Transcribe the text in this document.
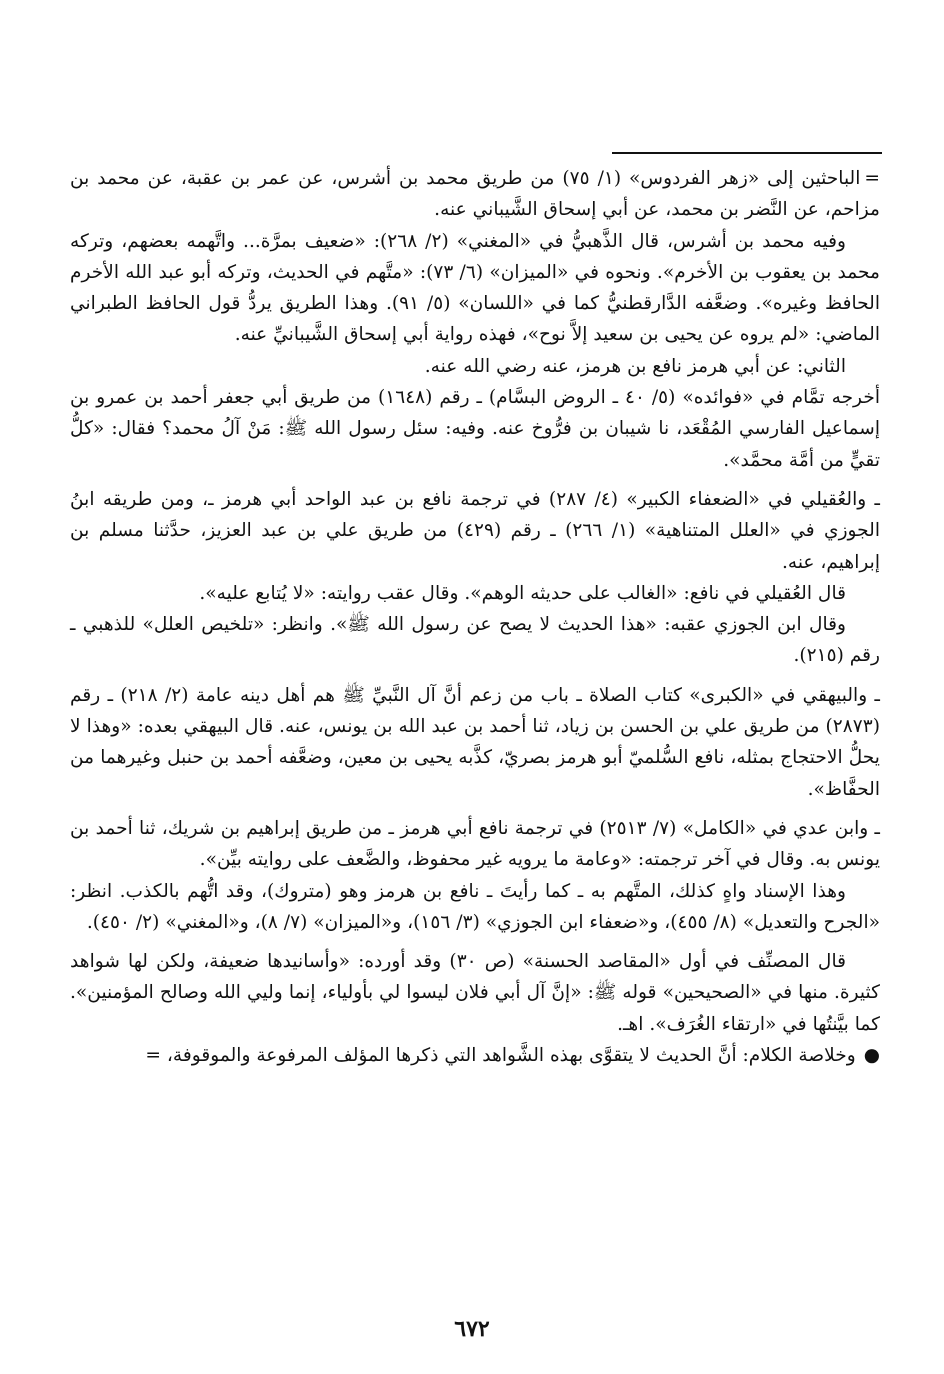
=الباحثين إلى «زهر الفردوس» (١/ ٧٥) من طريق محمد بن أشرس، عن عمر بن عقبة، عن محمد بن مزاحم، عن النَّضر بن محمد، عن أبي إسحاق الشَّيباني عنه.

وفيه محمد بن أشرس، قال الذَّهبيُّ في «المغني» (٢/ ٢٦٨): «ضعيف بمرَّة... واتَّهمه بعضهم، وتركه محمد بن يعقوب بن الأخرم». ونحوه في «الميزان» (٦/ ٧٣): «متَّهم في الحديث، وتركه أبو عبد الله الأخرم الحافظ وغيره». وضعَّفه الدَّارقطنيُّ كما في «اللسان» (٥/ ٩١). وهذا الطريق يردُّ قول الحافظ الطبراني الماضي: «لم يروه عن يحيى بن سعيد إلاَّ نوح»، فهذه رواية أبي إسحاق الشَّيبانيِّ عنه.

الثاني: عن أبي هرمز نافع بن هرمز، عنه رضي الله عنه.

أخرجه تمَّام في «فوائده» (٥/ ٤٠ ـ الروض البسَّام) ـ رقم (١٦٤٨) من طريق أبي جعفر أحمد بن عمرو بن إسماعيل الفارسي المُقْعَد، نا شيبان بن فرُّوخ عنه. وفيه: سئل رسول الله ﷺ: مَنْ آلُ محمد؟ فقال: «كلُّ تقيٍّ من أمَّة محمَّد».

ـ والعُقيلي في «الضعفاء الكبير» (٤/ ٢٨٧) في ترجمة نافع بن عبد الواحد أبي هرمز ـ، ومن طريقه ابنُ الجوزي في «العلل المتناهية» (١/ ٢٦٦) ـ رقم (٤٢٩) من طريق علي بن عبد العزيز، حدَّثنا مسلم بن إبراهيم، عنه.

قال العُقيلي في نافع: «الغالب على حديثه الوهم». وقال عقب روايته: «لا يُتابع عليه».

وقال ابن الجوزي عقبه: «هذا الحديث لا يصح عن رسول الله ﷺ». وانظر: «تلخيص العلل» للذهبي ـ رقم (٢١٥).

ـ والبيهقي في «الكبرى» كتاب الصلاة ـ باب من زعم أنَّ آل النَّبيِّ ﷺ هم أهل دينه عامة (٢/ ٢١٨) ـ رقم (٢٨٧٣) من طريق علي بن الحسن بن زياد، ثنا أحمد بن عبد الله بن يونس، عنه. قال البيهقي بعده: «وهذا لا يحلُّ الاحتجاج بمثله، نافع السُّلميّ أبو هرمز بصريّ، كذَّبه يحيى بن معين، وضعَّفه أحمد بن حنبل وغيرهما من الحفَّاظ».

ـ وابن عدي في «الكامل» (٧/ ٢٥١٣) في ترجمة نافع أبي هرمز ـ من طريق إبراهيم بن شريك، ثنا أحمد بن يونس به. وقال في آخر ترجمته: «وعامة ما يرويه غير محفوظ، والضَّعف على روايته بيِّن».

وهذا الإسناد واهٍ كذلك، المتَّهم به ـ كما رأيتَ ـ نافع بن هرمز وهو (متروك)، وقد اتُّهم بالكذب. انظر: «الجرح والتعديل» (٨/ ٤٥٥)، و«ضعفاء ابن الجوزي» (٣/ ١٥٦)، و«الميزان» (٧/ ٨)، و«المغني» (٢/ ٤٥٠).

قال المصنِّف في أول «المقاصد الحسنة» (ص ٣٠) وقد أورده: «وأسانيدها ضعيفة، ولكن لها شواهد كثيرة. منها في «الصحيحين» قوله ﷺ: «إنَّ آل أبي فلان ليسوا لي بأولياء، إنما وليي الله وصالح المؤمنين». كما بيَّنتُها في «ارتقاء الغُرَف». اهـ.

●وخلاصة الكلام: أنَّ الحديث لا يتقوَّى بهذه الشَّواهد التي ذكرها المؤلف المرفوعة والموقوفة، =

٦٧٢
